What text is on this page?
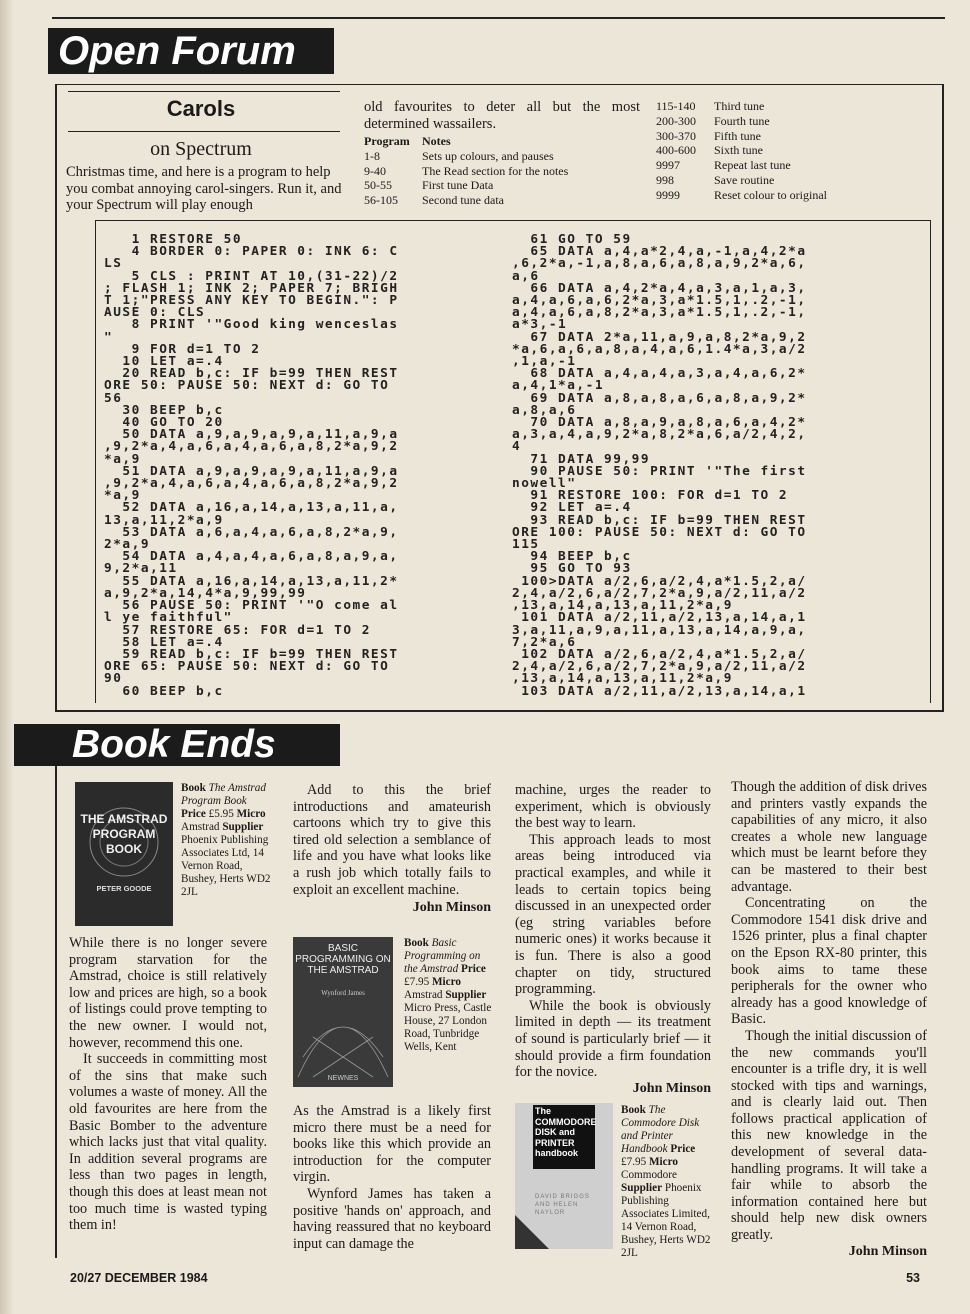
Open Forum
Carols
on Spectrum
Christmas time, and here is a program to help you combat annoying carol-singers. Run it, and your Spectrum will play enough
old favourites to deter all but the most determined wassailers.
Program	Notes
1-8	Sets up colours, and pauses
9-40	The Read section for the notes
50-55	First tune Data
56-105	Second tune data
115-140	Third tune
200-300	Fourth tune
300-370	Fifth tune
400-600	Sixth tune
9997	Repeat last tune
998	Save routine
9999	Reset colour to original
1 RESTORE 50
4 BORDER 0: PAPER 0: INK 6: C
LS
5 CLS : PRINT AT 10,(31-22)/2
; FLASH 1; INK 2; PAPER 7; BRIGH
T 1;"PRESS ANY KEY TO BEGIN.": P
AUSE 0: CLS
8 PRINT '"Good king wenceslas
"
9 FOR d=1 TO 2
10 LET a=.4
20 READ b,c: IF b=99 THEN REST
ORE 50: PAUSE 50: NEXT d: GO TO
56
30 BEEP b,c
40 GO TO 20
50 DATA a,9,a,9,a,9,a,11,a,9,a
,9,2*a,4,a,6,a,4,a,6,a,8,2*a,9,2
*a,9
51 DATA a,9,a,9,a,9,a,11,a,9,a
,9,2*a,4,a,6,a,4,a,6,a,8,2*a,9,2
*a,9
52 DATA a,16,a,14,a,13,a,11,a,
13,a,11,2*a,9
53 DATA a,6,a,4,a,6,a,8,2*a,9,
2*a,9
54 DATA a,4,a,4,a,6,a,8,a,9,a,
9,2*a,11
55 DATA a,16,a,14,a,13,a,11,2*
a,9,2*a,14,4*a,9,99,99
56 PAUSE 50: PRINT '"O come al
l ye faithful"
57 RESTORE 65: FOR d=1 TO 2
58 LET a=.4
59 READ b,c: IF b=99 THEN REST
ORE 65: PAUSE 50: NEXT d: GO TO
90
60 BEEP b,c
61 GO TO 59
65 DATA a,4,a*2,4,a,-1,a,4,2*a
,6,2*a,-1,a,8,a,6,a,8,a,9,2*a,6,
a,6
66 DATA a,4,2*a,4,a,3,a,1,a,3,
a,4,a,6,a,6,2*a,3,a*1.5,1,.2,-1,
a,4,a,6,a,8,2*a,3,a*1.5,1,.2,-1,
a*3,-1
67 DATA 2*a,11,a,9,a,8,2*a,9,2
*a,6,a,6,a,8,a,4,a,6,1.4*a,3,a/2
,1,a,-1
68 DATA a,4,a,4,a,3,a,4,a,6,2*
a,4,1*a,-1
69 DATA a,8,a,8,a,6,a,8,a,9,2*
a,8,a,6
70 DATA a,8,a,9,a,8,a,6,a,4,2*
a,3,a,4,a,9,2*a,8,2*a,6,a/2,4,2,
4
71 DATA 99,99
90 PAUSE 50: PRINT '"The first
nowell"
91 RESTORE 100: FOR d=1 TO 2
92 LET a=.4
93 READ b,c: IF b=99 THEN REST
ORE 100: PAUSE 50: NEXT d: GO TO
115
94 BEEP b,c
95 GO TO 93
100>DATA a/2,6,a/2,4,a*1.5,2,a/
2,4,a/2,6,a/2,7,2*a,9,a/2,11,a/2
,13,a,14,a,13,a,11,2*a,9
101 DATA a/2,11,a/2,13,a,14,a,1
3,a,11,a,9,a,11,a,13,a,14,a,9,a,
7,2*a,6
102 DATA a/2,6,a/2,4,a*1.5,2,a/
2,4,a/2,6,a/2,7,2*a,9,a/2,11,a/2
,13,a,14,a,13,a,11,2*a,9
103 DATA a/2,11,a/2,13,a,14,a,1
Book Ends
THE AMSTRAD PROGRAM BOOK
PETER GOODE
Book The Amstrad Program Book Price £5.95 Micro Amstrad Supplier Phoenix Publishing Associates Ltd, 14 Vernon Road, Bushey, Herts WD2 2JL

While there is no longer severe program starvation for the Amstrad, choice is still relatively low and prices are high, so a book of listings could prove tempting to the new owner. I would not, however, recommend this one.

It succeeds in committing most of the sins that make such volumes a waste of money. All the old favourites are here from the Basic Bomber to the adventure which lacks just that vital quality. In addition several programs are less than two pages in length, though this does at least mean not too much time is wasted typing them in!

Add to this the brief introductions and amateurish cartoons which try to give this tired old selection a semblance of life and you have what looks like a rush job which totally fails to exploit an excellent machine.

John Minson
BASIC PROGRAMMING ON THE AMSTRAD
Wynford James
NEWNES
Book Basic Programming on the Amstrad Price £7.95 Micro Amstrad Supplier Micro Press, Castle House, 27 London Road, Tunbridge Wells, Kent

As the Amstrad is a likely first micro there must be a need for books like this which provide an introduction for the computer virgin.

Wynford James has taken a positive 'hands on' approach, and having reassured that no keyboard input can damage the

machine, urges the reader to experiment, which is obviously the best way to learn.

This approach leads to most areas being introduced via practical examples, and while it leads to certain topics being discussed in an unexpected order (eg string variables before numeric ones) it works because it is fun. There is also a good chapter on tidy, structured programming.

While the book is obviously limited in depth — its treatment of sound is particularly brief — it should provide a firm foundation for the novice.

John Minson
The COMMODORE DISK and PRINTER handbook
DAVID BRIGGS AND HELEN NAYLOR
Book The Commodore Disk and Printer Handbook Price £7.95 Micro Commodore Supplier Phoenix Publishing Associates Limited, 14 Vernon Road, Bushey, Herts WD2 2JL

Though the addition of disk drives and printers vastly expands the capabilities of any micro, it also creates a whole new language which must be learnt before they can be mastered to their best advantage.

Concentrating on the Commodore 1541 disk drive and 1526 printer, plus a final chapter on the Epson RX-80 printer, this book aims to tame these peripherals for the owner who already has a good knowledge of Basic.

Though the initial discussion of the new commands you'll encounter is a trifle dry, it is well stocked with tips and warnings, and is clearly laid out. Then follows practical application of this new knowledge in the development of several data-handling programs. It will take a fair while to absorb the information contained here but should help new disk owners greatly.

John Minson
20/27 DECEMBER 1984	53
